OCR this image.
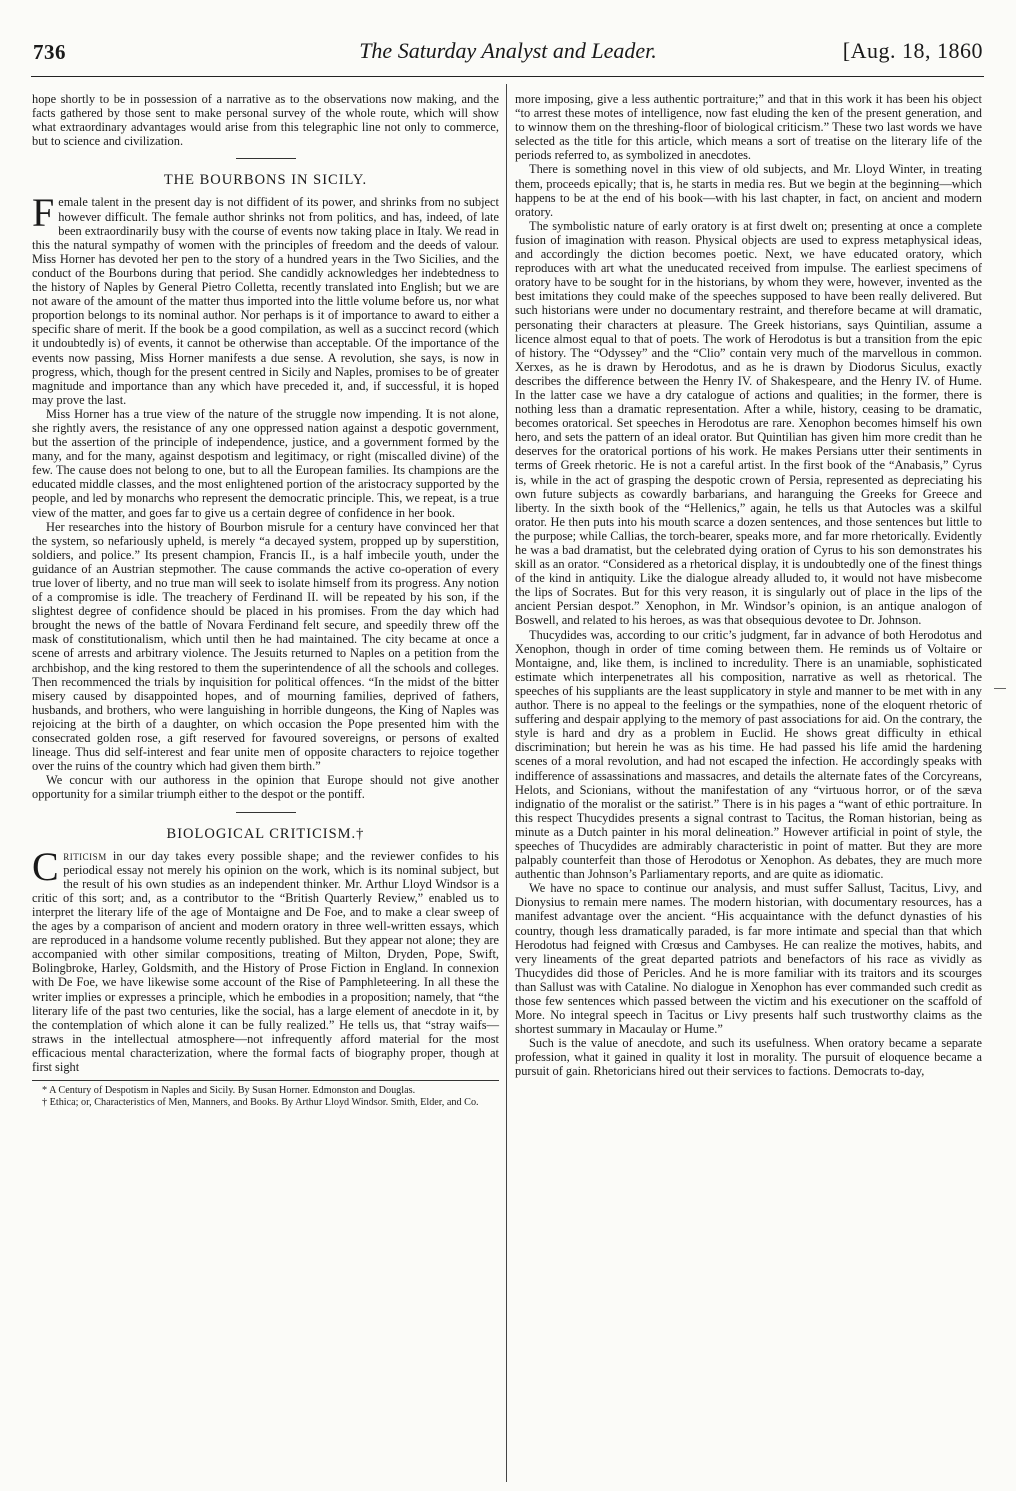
736	The Saturday Analyst and Leader.	[Aug. 18, 1860

hope shortly to be in possession of a narrative as to the observations now making, and the facts gathered by those sent to make personal survey of the whole route, which will show what extraordinary advantages would arise from this telegraphic line not only to commerce, but to science and civilization.

THE BOURBONS IN SICILY.

Female talent in the present day is not diffident of its power, and shrinks from no subject however difficult. The female author shrinks not from politics, and has, indeed, of late been extraordinarily busy with the course of events now taking place in Italy. We read in this the natural sympathy of women with the principles of freedom and the deeds of valour. Miss Horner has devoted her pen to the story of a hundred years in the Two Sicilies, and the conduct of the Bourbons during that period. She candidly acknowledges her indebtedness to the history of Naples by General Pietro Colletta, recently translated into English; but we are not aware of the amount of the matter thus imported into the little volume before us, nor what proportion belongs to its nominal author. Nor perhaps is it of importance to award to either a specific share of merit. If the book be a good compilation, as well as a succinct record (which it undoubtedly is) of events, it cannot be otherwise than acceptable. Of the importance of the events now passing, Miss Horner manifests a due sense. A revolution, she says, is now in progress, which, though for the present centred in Sicily and Naples, promises to be of greater magnitude and importance than any which have preceded it, and, if successful, it is hoped may prove the last.

Miss Horner has a true view of the nature of the struggle now impending. It is not alone, she rightly avers, the resistance of any one oppressed nation against a despotic government, but the assertion of the principle of independence, justice, and a government formed by the many, and for the many, against despotism and legitimacy, or right (miscalled divine) of the few. The cause does not belong to one, but to all the European families. Its champions are the educated middle classes, and the most enlightened portion of the aristocracy supported by the people, and led by monarchs who represent the democratic principle. This, we repeat, is a true view of the matter, and goes far to give us a certain degree of confidence in her book.

Her researches into the history of Bourbon misrule for a century have convinced her that the system, so nefariously upheld, is merely “a decayed system, propped up by superstition, soldiers, and police.” Its present champion, Francis II., is a half imbecile youth, under the guidance of an Austrian stepmother. The cause commands the active co-operation of every true lover of liberty, and no true man will seek to isolate himself from its progress. Any notion of a compromise is idle. The treachery of Ferdinand II. will be repeated by his son, if the slightest degree of confidence should be placed in his promises. From the day which had brought the news of the battle of Novara Ferdinand felt secure, and speedily threw off the mask of constitutionalism, which until then he had maintained. The city became at once a scene of arrests and arbitrary violence. The Jesuits returned to Naples on a petition from the archbishop, and the king restored to them the superintendence of all the schools and colleges. Then recommenced the trials by inquisition for political offences. “In the midst of the bitter misery caused by disappointed hopes, and of mourning families, deprived of fathers, husbands, and brothers, who were languishing in horrible dungeons, the King of Naples was rejoicing at the birth of a daughter, on which occasion the Pope presented him with the consecrated golden rose, a gift reserved for favoured sovereigns, or persons of exalted lineage. Thus did self-interest and fear unite men of opposite characters to rejoice together over the ruins of the country which had given them birth.”

We concur with our authoress in the opinion that Europe should not give another opportunity for a similar triumph either to the despot or the pontiff.

BIOLOGICAL CRITICISM.†

Criticism in our day takes every possible shape; and the reviewer confides to his periodical essay not merely his opinion on the work, which is its nominal subject, but the result of his own studies as an independent thinker. Mr. Arthur Lloyd Windsor is a critic of this sort; and, as a contributor to the “British Quarterly Review,” enabled us to interpret the literary life of the age of Montaigne and De Foe, and to make a clear sweep of the ages by a comparison of ancient and modern oratory in three well-written essays, which are reproduced in a handsome volume recently published. But they appear not alone; they are accompanied with other similar compositions, treating of Milton, Dryden, Pope, Swift, Bolingbroke, Harley, Goldsmith, and the History of Prose Fiction in England. In connexion with De Foe, we have likewise some account of the Rise of Pamphleteering. In all these the writer implies or expresses a principle, which he embodies in a proposition; namely, that “the literary life of the past two centuries, like the social, has a large element of anecdote in it, by the contemplation of which alone it can be fully realized.” He tells us, that “stray waifs—straws in the intellectual atmosphere—not infrequently afford material for the most efficacious mental characterization, where the formal facts of biography proper, though at first sight

* A Century of Despotism in Naples and Sicily. By Susan Horner. Edmonston and Douglas.

† Ethica; or, Characteristics of Men, Manners, and Books. By Arthur Lloyd Windsor. Smith, Elder, and Co.

more imposing, give a less authentic portraiture;” and that in this work it has been his object “to arrest these motes of intelligence, now fast eluding the ken of the present generation, and to winnow them on the threshing-floor of biological criticism.” These two last words we have selected as the title for this article, which means a sort of treatise on the literary life of the periods referred to, as symbolized in anecdotes.

There is something novel in this view of old subjects, and Mr. Lloyd Winter, in treating them, proceeds epically; that is, he starts in media res. But we begin at the beginning—which happens to be at the end of his book—with his last chapter, in fact, on ancient and modern oratory.

The symbolistic nature of early oratory is at first dwelt on; presenting at once a complete fusion of imagination with reason. Physical objects are used to express metaphysical ideas, and accordingly the diction becomes poetic. Next, we have educated oratory, which reproduces with art what the uneducated received from impulse. The earliest specimens of oratory have to be sought for in the historians, by whom they were, however, invented as the best imitations they could make of the speeches supposed to have been really delivered. But such historians were under no documentary restraint, and therefore became at will dramatic, personating their characters at pleasure. The Greek historians, says Quintilian, assume a licence almost equal to that of poets. The work of Herodotus is but a transition from the epic of history. The “Odyssey” and the “Clio” contain very much of the marvellous in common. Xerxes, as he is drawn by Herodotus, and as he is drawn by Diodorus Siculus, exactly describes the difference between the Henry IV. of Shakespeare, and the Henry IV. of Hume. In the latter case we have a dry catalogue of actions and qualities; in the former, there is nothing less than a dramatic representation. After a while, history, ceasing to be dramatic, becomes oratorical. Set speeches in Herodotus are rare. Xenophon becomes himself his own hero, and sets the pattern of an ideal orator. But Quintilian has given him more credit than he deserves for the oratorical portions of his work. He makes Persians utter their sentiments in terms of Greek rhetoric. He is not a careful artist. In the first book of the “Anabasis,” Cyrus is, while in the act of grasping the despotic crown of Persia, represented as depreciating his own future subjects as cowardly barbarians, and haranguing the Greeks for Greece and liberty. In the sixth book of the “Hellenics,” again, he tells us that Autocles was a skilful orator. He then puts into his mouth scarce a dozen sentences, and those sentences but little to the purpose; while Callias, the torch-bearer, speaks more, and far more rhetorically. Evidently he was a bad dramatist, but the celebrated dying oration of Cyrus to his son demonstrates his skill as an orator. “Considered as a rhetorical display, it is undoubtedly one of the finest things of the kind in antiquity. Like the dialogue already alluded to, it would not have misbecome the lips of Socrates. But for this very reason, it is singularly out of place in the lips of the ancient Persian despot.” Xenophon, in Mr. Windsor’s opinion, is an antique analogon of Boswell, and related to his heroes, as was that obsequious devotee to Dr. Johnson.

Thucydides was, according to our critic’s judgment, far in advance of both Herodotus and Xenophon, though in order of time coming between them. He reminds us of Voltaire or Montaigne, and, like them, is inclined to incredulity. There is an unamiable, sophisticated estimate which interpenetrates all his composition, narrative as well as rhetorical. The speeches of his suppliants are the least supplicatory in style and manner to be met with in any author. There is no appeal to the feelings or the sympathies, none of the eloquent rhetoric of suffering and despair applying to the memory of past associations for aid. On the contrary, the style is hard and dry as a problem in Euclid. He shows great difficulty in ethical discrimination; but herein he was as his time. He had passed his life amid the hardening scenes of a moral revolution, and had not escaped the infection. He accordingly speaks with indifference of assassinations and massacres, and details the alternate fates of the Corcyreans, Helots, and Scionians, without the manifestation of any “virtuous horror, or of the sæva indignatio of the moralist or the satirist.” There is in his pages a “want of ethic portraiture. In this respect Thucydides presents a signal contrast to Tacitus, the Roman historian, being as minute as a Dutch painter in his moral delineation.” However artificial in point of style, the speeches of Thucydides are admirably characteristic in point of matter. But they are more palpably counterfeit than those of Herodotus or Xenophon. As debates, they are much more authentic than Johnson’s Parliamentary reports, and are quite as idiomatic.

We have no space to continue our analysis, and must suffer Sallust, Tacitus, Livy, and Dionysius to remain mere names. The modern historian, with documentary resources, has a manifest advantage over the ancient. “His acquaintance with the defunct dynasties of his country, though less dramatically paraded, is far more intimate and special than that which Herodotus had feigned with Crœsus and Cambyses. He can realize the motives, habits, and very lineaments of the great departed patriots and benefactors of his race as vividly as Thucydides did those of Pericles. And he is more familiar with its traitors and its scourges than Sallust was with Cataline. No dialogue in Xenophon has ever commanded such credit as those few sentences which passed between the victim and his executioner on the scaffold of More. No integral speech in Tacitus or Livy presents half such trustworthy claims as the shortest summary in Macaulay or Hume.”

Such is the value of anecdote, and such its usefulness. When oratory became a separate profession, what it gained in quality it lost in morality. The pursuit of eloquence became a pursuit of gain. Rhetoricians hired out their services to factions. Democrats to-day,
